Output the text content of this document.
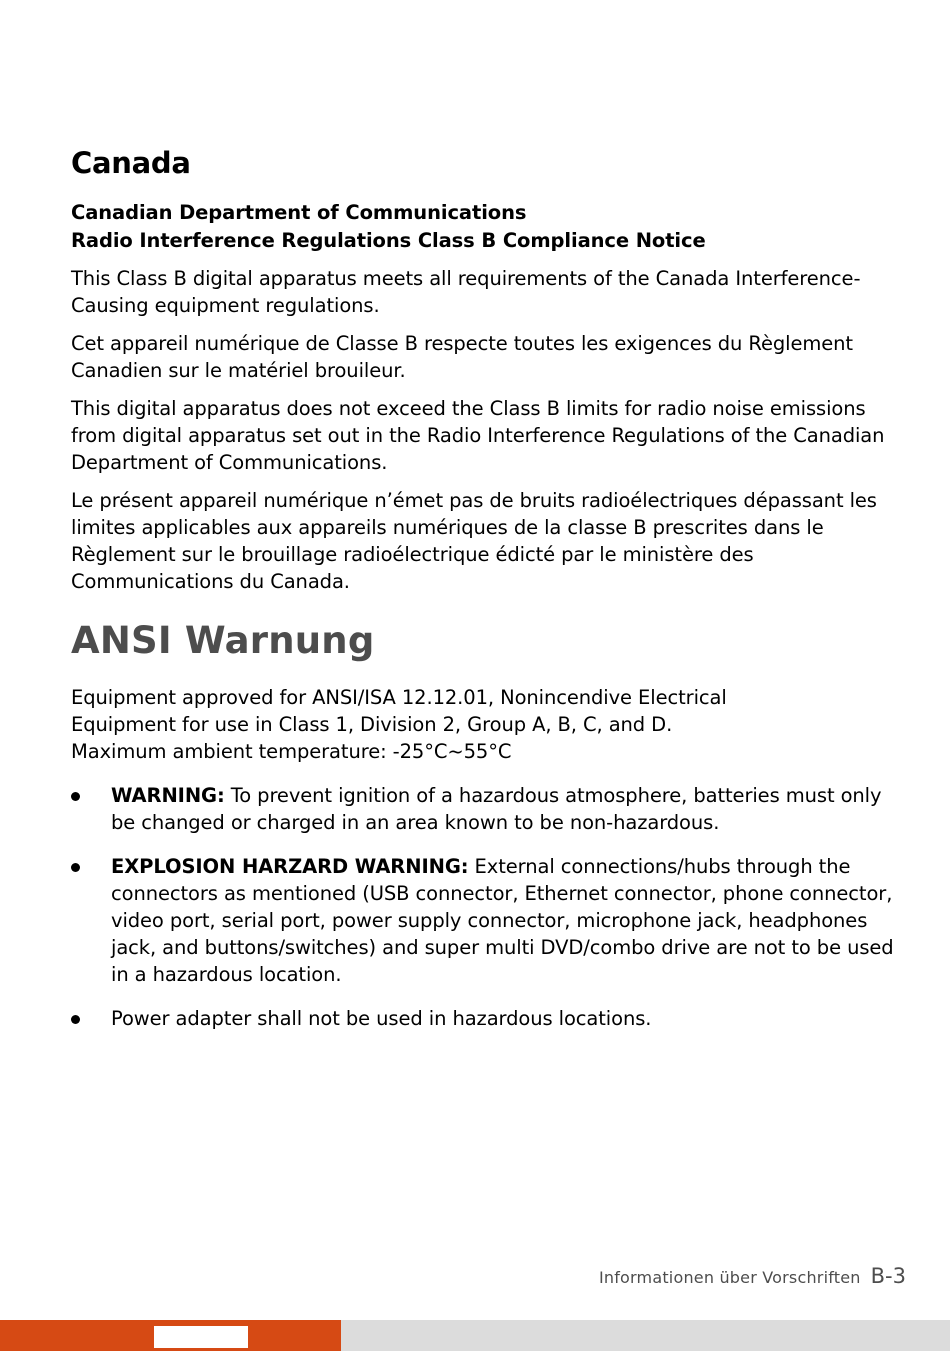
Canada
Canadian Department of Communications
Radio Interference Regulations Class B Compliance Notice

This Class B digital apparatus meets all requirements of the Canada Interference-Causing equipment regulations.

Cet appareil numérique de Classe B respecte toutes les exigences du Règlement Canadien sur le matériel brouileur.

This digital apparatus does not exceed the Class B limits for radio noise emissions from digital apparatus set out in the Radio Interference Regulations of the Canadian Department of Communications.

Le présent appareil numérique n’émet pas de bruits radioélectriques dépassant les limites applicables aux appareils numériques de la classe B prescrites dans le Règlement sur le brouillage radioélectrique édicté par le ministère des Communications du Canada.

ANSI Warnung

Equipment approved for ANSI/ISA 12.12.01, Nonincendive Electrical
Equipment for use in Class 1, Division 2, Group A, B, C, and D.
Maximum ambient temperature: -25°C~55°C

WARNING: To prevent ignition of a hazardous atmosphere, batteries must only be changed or charged in an area known to be non-hazardous.
EXPLOSION HARZARD WARNING: External connections/hubs through the connectors as mentioned (USB connector, Ethernet connector, phone connector, video port, serial port, power supply connector, microphone jack, headphones jack, and buttons/switches) and super multi DVD/combo drive are not to be used in a hazardous location.
Power adapter shall not be used in hazardous locations.
Informationen über Vorschriften B-3
